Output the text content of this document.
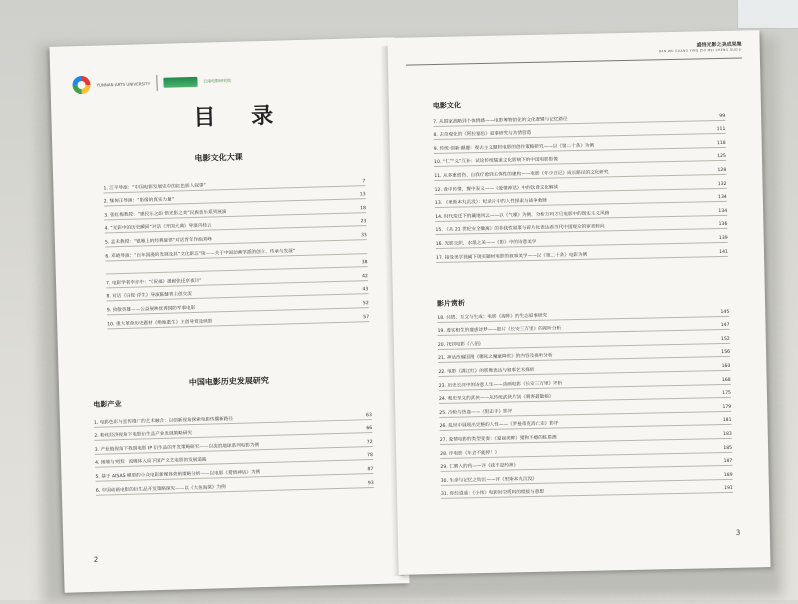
YUNNAN ARTS UNIVERSITY	云南电影研究院
目 录
电影文化大课
1. 江平导演：“中国电影发展史中的红色影人叙事”
7
2. 缅甸正导演：“影像的真实力量”
13
3. 张红梅教授：“感民乐之韵 悟光影之美”民族音乐系列展演
18
4. “光影中的历史瞬间”对话《开国大典》导演肖桂云
23
5. 孟禾教授：“银幕上的经典旋律”对话青年作曲刘峥
33
6. 邓晓导演：“百年国漫的发展及其“文化新态”谈——关于中国动画学派的创立、传承与发展”
38
7. 电影学者李亦中：“《祝福》援耐张还京夜讨”
42
8. 对话《白蛇·浮生》导演陈健青主创交流
43
9. 致敬英雄——公益展映优秀国防军事电影
52
10. 重大革命历史题材《绝地重生》主创导赏及映影
57
中国电影历史发展研究
电影产业
1. 电影色彩与宣传推广的艺术融合：以创新视角探索电影传播新路径
63
2. 粉丝经济视角下电影衍生品产业发展策略研究
66
3. 产业链视角下我国电影 IP 衍生品的开发策略研究——以流浪地球系列电影为例
72
4. 困境与突围：流媒体入局下国产文艺电影的发展道路
78
5. 基于 AISAS 模型的小众电影新媒体营销策略分析——以电影《爱情神话》为例
87
6. 中国动画电影的衍生品开发策略探究——以《大鱼海棠》为例
93
2
盛悟光影之美成果集
DAN WU GUANG YING ZHI MEI CHENG GUO JI
电影文化
7. 从国家战略到个体情感——电影筹物馆化的文化逻辑与记忆路径
99
8. 去奇观化的《阿拉塞色》叙事研究与共情营造
111
9. 传统·创新·颠覆：观去主义题材电影的创作策略研究——以《第二十条》为例
118
10. “仁”“义”互补：试论传统儒道文化影响下的中国电影影像
125
11. 从多重创伤、自我疗愈到主体性的建构——电影《年少日记》成长路径的文化研究	128
12. 食中传情，餐中表义——《爱情神话》中的饮食文化解读
132
13. 《里斯本丸沉没》：纪录片中的人性探索与战争救赎
134
14. 时代变迁下的藏地风云——以《气噪》为例，分析万玛才旦电影中的现实主义风格	134
15. 《从 21 世纪安全撤离》的非线性叙事与碎片化表达看当代中国观众的审美转向	136
16. 光影交织，水墨之美——《影》中的诗意美学
139
17. 接受美学视阈下现实题材电影的叙事美学——以《第二十条》电影为例
141
影片赏析
18. 共情、互文与生成：电影《海阵》的生态叙事研究
145
19. 虚实相生的盛唐诗梦——影片《长安三万里》的视听分析
147
20. 找到电影《八佰》
152
21. 神话改编国漫《哪吒之魔童降世》的内容及视听分析
156
22. 电影《满江红》的影像表达与叙事艺术探析
160
23. 历史长河中的诗意人生——动画电影《长安三万里》评析
168
24. 观史至义的武侠——从传统武侠片到《刺客聂隐娘》
175
25. 冷枪与热血——《狙击手》影评
179
26. 乱世中展现出完整的人性——《罗曼蒂克消亡史》影评
181
27. 爱情电影的类型变奏：《爱丽美眸》猪狗不瘾的蛀盾测
183
28. 评电影《年会不能停！》
185
29. 仁磨人的药——评《我不是药神》
187
30. 生命与记忆之钩沉——评《里斯本丸沉没》
189
31. 你经逍遥：《小伟》电影时空质料的组接与意想
191
3
